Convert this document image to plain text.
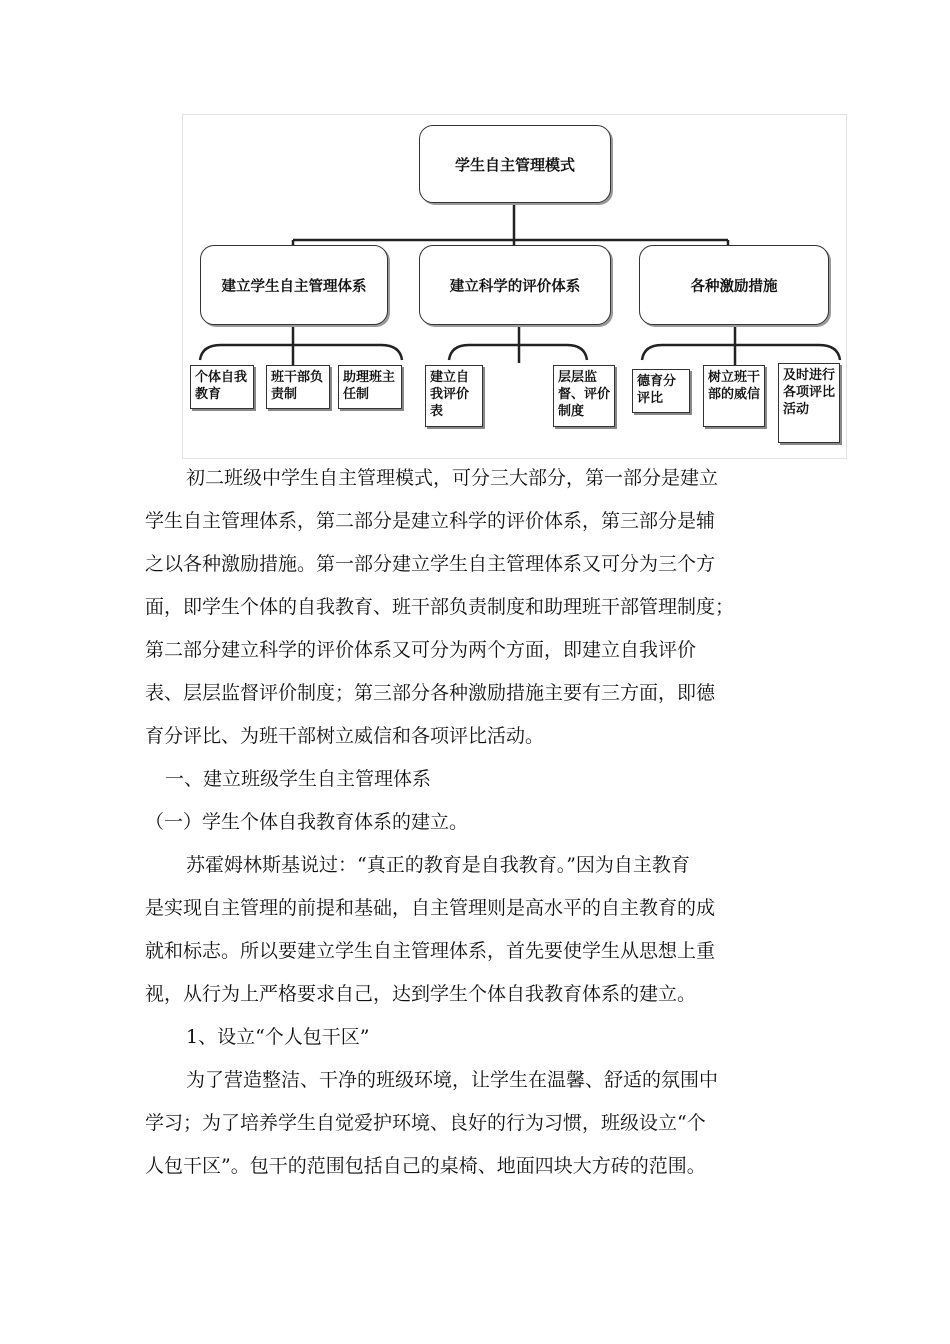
学生自主管理模式
建立学生自主管理体系	建立科学的评价体系	各种激励措施
个体自我教育
班干部负责制
助理班主任制
建立自我评价表
层层监督、评价制度
德育分评比
树立班干部的威信
及时进行各项评比活动
初二班级中学生自主管理模式，可分三大部分，第一部分是建立
学生自主管理体系，第二部分是建立科学的评价体系，第三部分是辅
之以各种激励措施。第一部分建立学生自主管理体系又可分为三个方
面，即学生个体的自我教育、班干部负责制度和助理班干部管理制度；
第二部分建立科学的评价体系又可分为两个方面，即建立自我评价
表、层层监督评价制度；第三部分各种激励措施主要有三方面，即德
育分评比、为班干部树立威信和各项评比活动。
一、建立班级学生自主管理体系
（一）学生个体自我教育体系的建立。
苏霍姆林斯基说过：“真正的教育是自我教育。”因为自主教育
是实现自主管理的前提和基础，自主管理则是高水平的自主教育的成
就和标志。所以要建立学生自主管理体系，首先要使学生从思想上重
视，从行为上严格要求自己，达到学生个体自我教育体系的建立。
1、设立“个人包干区”
为了营造整洁、干净的班级环境，让学生在温馨、舒适的氛围中
学习；为了培养学生自觉爱护环境、良好的行为习惯，班级设立“个
人包干区”。包干的范围包括自己的桌椅、地面四块大方砖的范围。
